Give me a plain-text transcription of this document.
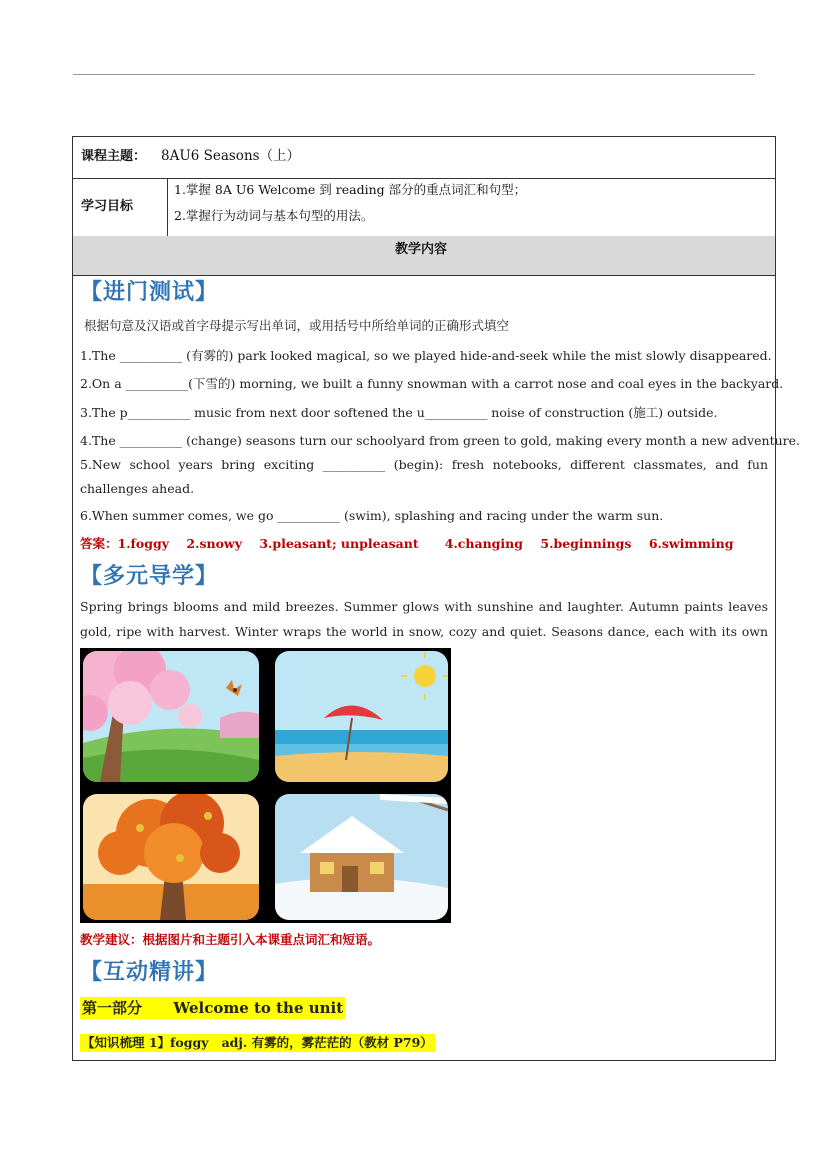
课程主题： 8AU6 Seasons（上）
学习目标
1.掌握 8A U6 Welcome 到 reading 部分的重点词汇和句型；
2.掌握行为动词与基本句型的用法。
教学内容
【进门测试】
根据句意及汉语或首字母提示写出单词，或用括号中所给单词的正确形式填空
1.The __________ (有雾的) park looked magical, so we played hide-and-seek while the mist slowly disappeared.
2.On a __________(下雪的) morning, we built a funny snowman with a carrot nose and coal eyes in the backyard.
3.The p__________ music from next door softened the u__________ noise of construction (施工) outside.
4.The __________ (change) seasons turn our schoolyard from green to gold, making every month a new adventure.
5.New school years bring exciting __________ (begin): fresh notebooks, different classmates, and fun challenges ahead.
6.When summer comes, we go __________ (swim), splashing and racing under the warm sun.
答案：1.foggy    2.snowy    3.pleasant; unpleasant      4.changing    5.beginnings    6.swimming
【多元导学】
Spring brings blooms and mild breezes. Summer glows with sunshine and laughter. Autumn paints leaves gold, ripe with harvest. Winter wraps the world in snow, cozy and quiet. Seasons dance, each with its own
教学建议：根据图片和主题引入本课重点词汇和短语。
【互动精讲】
第一部分      Welcome to the unit
【知识梳理 1】foggy   adj. 有雾的，雾茫茫的（教材 P79）
